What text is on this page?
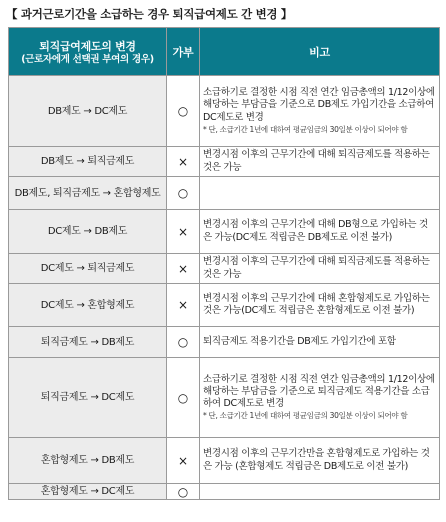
【 과거근로기간을 소급하는 경우 퇴직급여제도 간 변경 】
퇴직급여제도의 변경
(근로자에게 선택권 부여의 경우)	가부	비고
DB제도 → DC제도	○	소급하기로 결정한 시점 직전 연간 임금총액의 1/12이상에 해당하는 부담금을 기준으로 DB제도 가입기간을 소급하여 DC제도로 변경
* 단, 소급기간 1년에 대하여 평균임금의 30일분 이상이 되어야 함

DB제도 → 퇴직금제도	×	변경시점 이후의 근무기간에 대해 퇴직금제도를 적용하는 것은 가능
DB제도, 퇴직금제도 → 혼합형제도	○	
DC제도 → DB제도	×	변경시점 이후의 근무기간에 대해 DB형으로 가입하는 것은 가능(DC제도 적립금은 DB제도로 이전 불가)
DC제도 → 퇴직금제도	×	변경시점 이후의 근무기간에 대해 퇴직금제도를 적용하는 것은 가능
DC제도 → 혼합형제도	×	변경시점 이후의 근무기간에 대해 혼합형제도로 가입하는 것은 가능(DC제도 적립금은 혼합형제도로 이전 불가)
퇴직금제도 → DB제도	○	퇴직금제도 적용기간을 DB제도 가입기간에 포함
퇴직금제도 → DC제도	○	소급하기로 결정한 시점 직전 연간 임금총액의 1/12이상에 해당하는 부담금을 기준으로 퇴직금제도 적용기간을 소급하여 DC제도로 변경
* 단, 소급기간 1년에 대하여 평균임금의 30일분 이상이 되어야 함

혼합형제도 → DB제도	×	변경시점 이후의 근무기간만을 혼합형제도로 가입하는 것은 가능 (혼합형제도 적립금은 DB제도로 이전 불가)
혼합형제도 → DC제도	○	
